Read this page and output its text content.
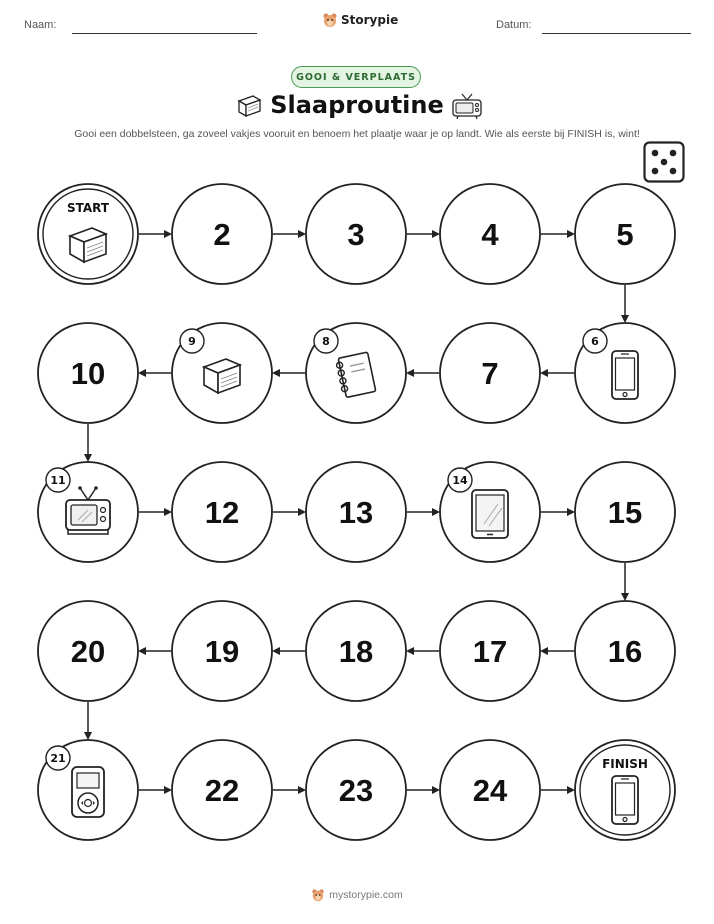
Naam:	Storypie	Datum:
GOOI & VERPLAATS
Slaaproutine
Gooi een dobbelsteen, ga zoveel vakjes vooruit en benoem het plaatje waar je op landt. Wie als eerste bij FINISH is, wint!
START
2	3	4	5
6
7
8
9
10
11
12	13
14
15
16
17
18
19
20
21
22	23	24
FINISH
mystorypie.com
